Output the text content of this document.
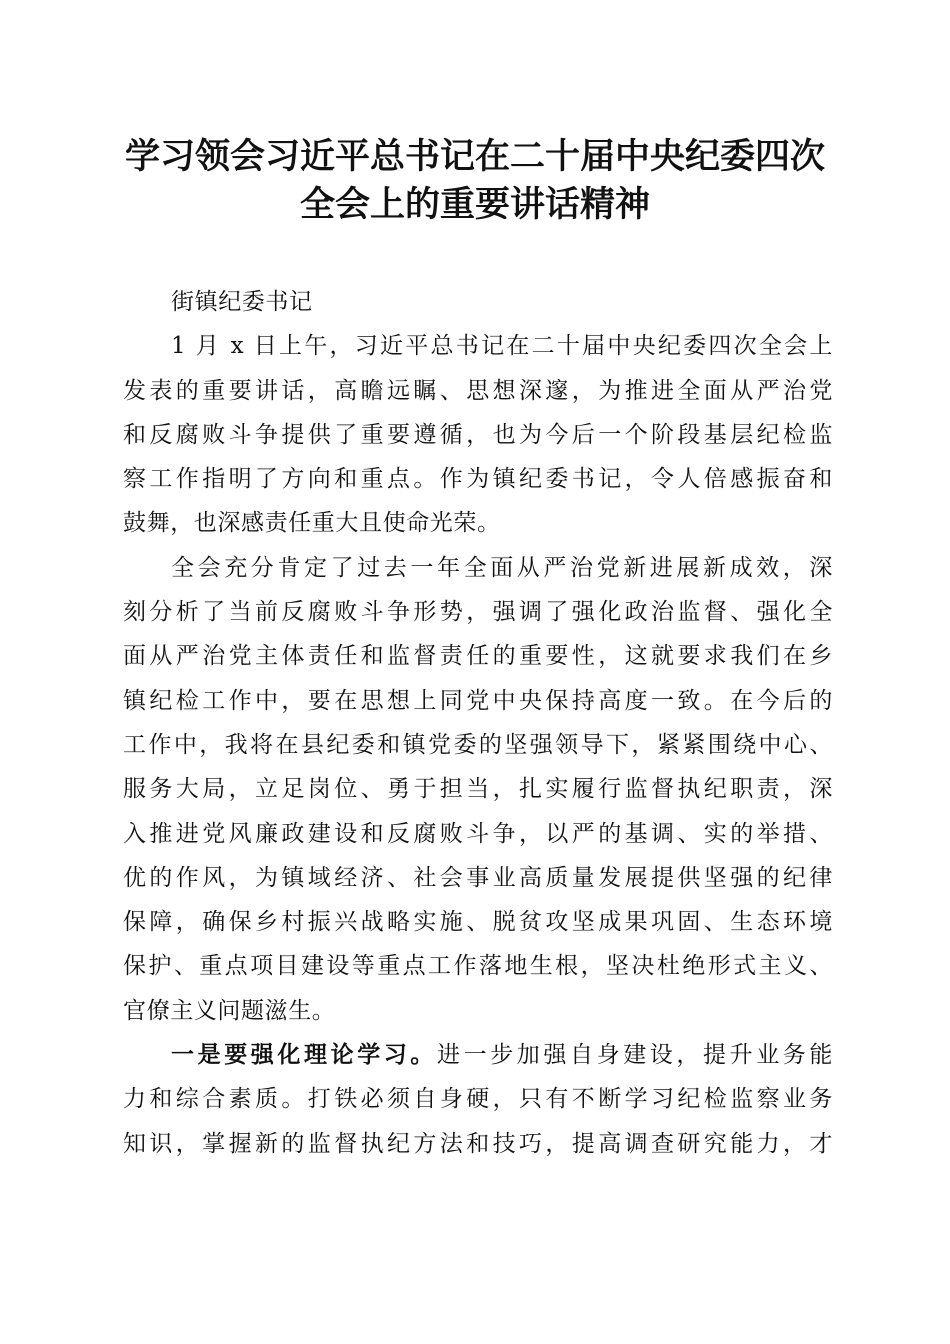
学习领会习近平总书记在二十届中央纪委四次
全会上的重要讲话精神
街镇纪委书记
1 月 x 日上午，习近平总书记在二十届中央纪委四次全会上
发表的重要讲话，高瞻远瞩、思想深邃，为推进全面从严治党
和反腐败斗争提供了重要遵循，也为今后一个阶段基层纪检监
察工作指明了方向和重点。作为镇纪委书记，令人倍感振奋和
鼓舞，也深感责任重大且使命光荣。
全会充分肯定了过去一年全面从严治党新进展新成效，深
刻分析了当前反腐败斗争形势，强调了强化政治监督、强化全
面从严治党主体责任和监督责任的重要性，这就要求我们在乡
镇纪检工作中，要在思想上同党中央保持高度一致。在今后的
工作中，我将在县纪委和镇党委的坚强领导下，紧紧围绕中心、
服务大局，立足岗位、勇于担当，扎实履行监督执纪职责，深
入推进党风廉政建设和反腐败斗争，以严的基调、实的举措、
优的作风，为镇域经济、社会事业高质量发展提供坚强的纪律
保障，确保乡村振兴战略实施、脱贫攻坚成果巩固、生态环境
保护、重点项目建设等重点工作落地生根，坚决杜绝形式主义、
官僚主义问题滋生。
一是要强化理论学习。进一步加强自身建设，提升业务能
力和综合素质。打铁必须自身硬，只有不断学习纪检监察业务
知识，掌握新的监督执纪方法和技巧，提高调查研究能力，才
